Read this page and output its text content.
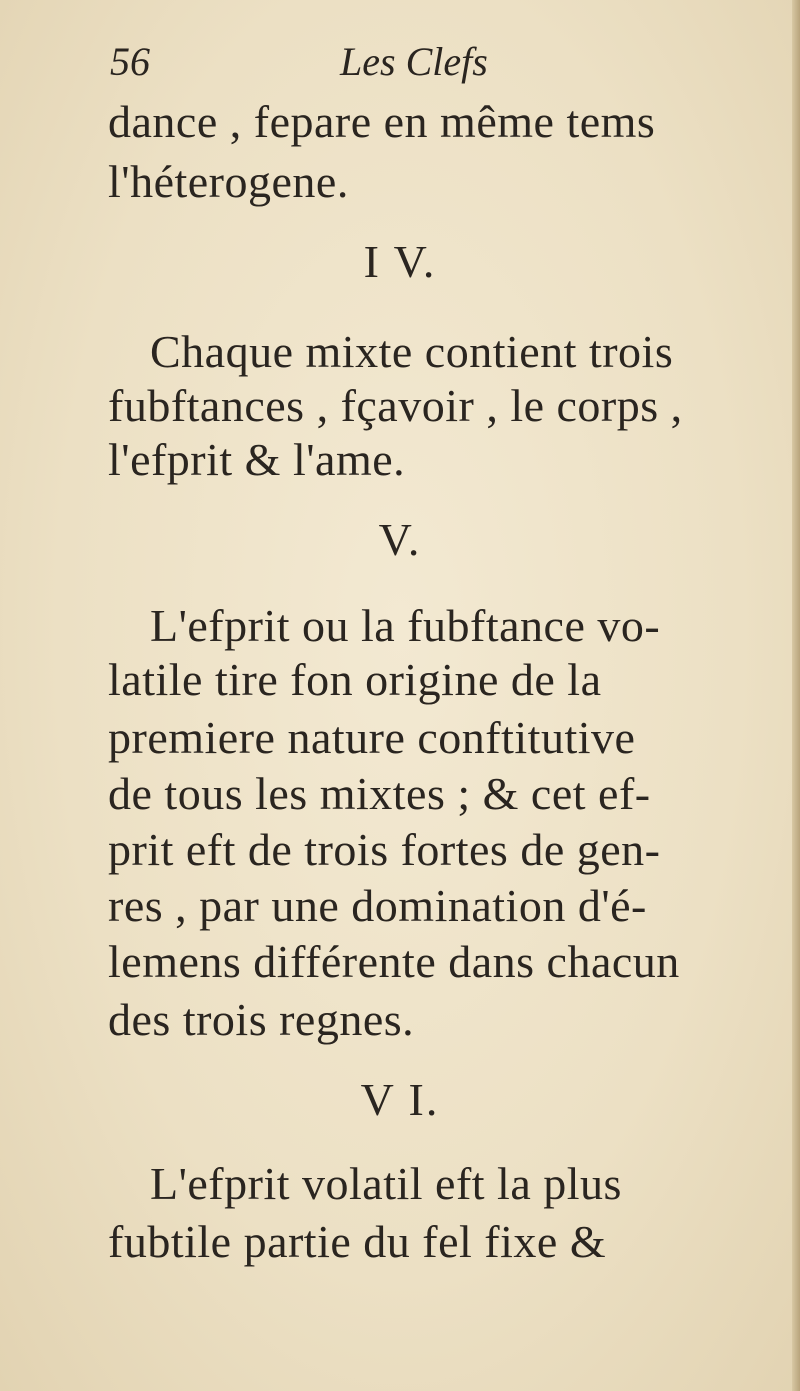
56	Les Clefs
dance , fepare en même tems
l'héterogene.
I V.
Chaque mixte contient trois
fubftances , fçavoir , le corps ,
l'efprit & l'ame.
V.
L'efprit ou la fubftance vo-
latile tire fon origine de la
premiere nature conftitutive
de tous les mixtes ; & cet ef-
prit eft de trois fortes de gen-
res , par une domination d'é-
lemens différente dans chacun
des trois regnes.
V I.
L'efprit volatil eft la plus
fubtile partie du fel fixe &
